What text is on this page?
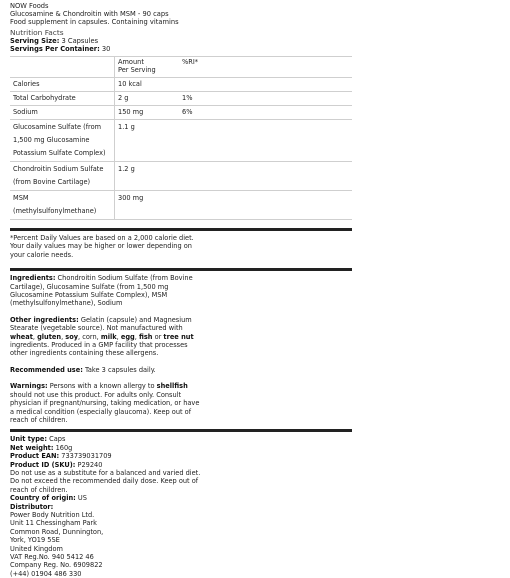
NOW Foods
Glucosamine & Chondroitin with MSM - 90 caps
Food supplement in capsules. Containing vitamins
Nutrition Facts
Serving Size: 3 Capsules
Servings Per Container: 30

	Amount
Per Serving	%RI*
Calories	10 kcal	
Total Carbohydrate	2 g	1%
Sodium	150 mg	6%

Glucosamine Sulfate (from
1,500 mg Glucosamine
Potassium Sulfate Complex)	1.1 g	

Chondroitin Sodium Sulfate
(from Bovine Cartilage)	1.2 g	

MSM (methylsulfonylmethane)	300 mg	

*Percent Daily Values are based on a 2,000 calorie diet.

Your daily values may be higher or lower depending on

your calorie needs.

Ingredients: Chondroitin Sodium Sulfate (from Bovine

Cartilage), Glucosamine Sulfate (from 1,500 mg

Glucosamine Potassium Sulfate Complex), MSM

(methylsulfonylmethane), Sodium

Other ingredients: Gelatin (capsule) and Magnesium

Stearate (vegetable source). Not manufactured with

wheat, gluten, soy, corn, milk, egg, fish or tree nut

ingredients. Produced in a GMP facility that processes

other ingredients containing these allergens.

Recommended use: Take 3 capsules daily.

Warnings: Persons with a known allergy to shellfish

should not use this product. For adults only. Consult

physician if pregnant/nursing, taking medication, or have

a medical condition (especially glaucoma). Keep out of

reach of children.

Unit type: Caps

Net weight: 160g

Product EAN: 733739031709

Product ID (SKU): P29240

Do not use as a substitute for a balanced and varied diet.

Do not exceed the recommended daily dose. Keep out of

reach of children.

Country of origin: US

Distributor:

Power Body Nutrition Ltd.

Unit 11 Chessingham Park

Common Road, Dunnington,

York, YO19 5SE

United Kingdom

VAT Reg.No. 940 5412 46

Company Reg. No. 6909822

(+44) 01904 486 330
